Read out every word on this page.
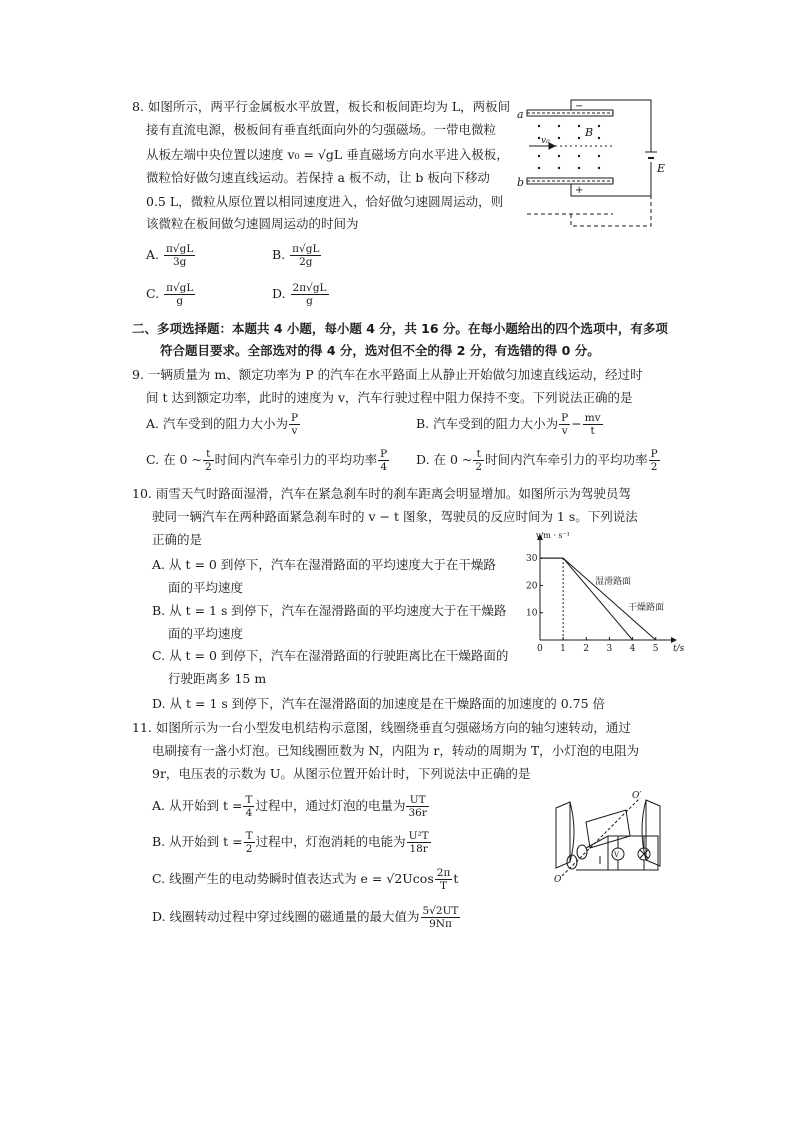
8. 如图所示，两平行金属板水平放置，板长和板间距均为 L，两板间
接有直流电源，极板间有垂直纸面向外的匀强磁场。一带电微粒
从板左端中央位置以速度 v₀ = √gL 垂直磁场方向水平进入极板，
微粒恰好做匀速直线运动。若保持 a 板不动，让 b 板向下移动
0.5 L，微粒从原位置以相同速度进入，恰好做匀速圆周运动，则
该微粒在板间做匀速圆周运动的时间为
A. $\frac{\pi√gL}{3g}$	B. $\frac{\pi√gL}{2g}$
C. $\frac{\pi√gL}{g}$	D. $\frac{2\pi√gL}{g}$
a
b
−
+
B
v₀
E
二、多项选择题：本题共 4 小题，每小题 4 分，共 16 分。在每小题给出的四个选项中，有多项
符合题目要求。全部选对的得 4 分，选对但不全的得 2 分，有选错的得 0 分。
9. 一辆质量为 m、额定功率为 P 的汽车在水平路面上从静止开始做匀加速直线运动，经过时
间 t 达到额定功率，此时的速度为 v，汽车行驶过程中阻力保持不变。下列说法正确的是
A. 汽车受到的阻力大小为 $\frac{P}{v}$	B. 汽车受到的阻力大小为 $\frac{P}{v} - \frac{mv}{t}$
C. 在 0 ~ $\frac{t}{2}$ 时间内汽车牵引力的平均功率 $\frac{P}{4} D$. 在 0 ~ $\frac{t}{2}$ 时间内汽车牵引力的平均功率 $\frac{P}{2}$
10. 雨雪天气时路面湿滑，汽车在紧急刹车时的刹车距离会明显增加。如图所示为驾驶员驾
驶同一辆汽车在两种路面紧急刹车时的 v − t 图象，驾驶员的反应时间为 1 s。下列说法
正确的是
A. 从 t = 0 到停下，汽车在湿滑路面的平均速度大于在干燥路
面的平均速度
B. 从 t = 1 s 到停下，汽车在湿滑路面的平均速度大于在干燥路
面的平均速度
C. 从 t = 0 到停下，汽车在湿滑路面的行驶距离比在干燥路面的
行驶距离多 15 m
D. 从 t = 1 s 到停下，汽车在湿滑路面的加速度是在干燥路面的加速度的 0.75 倍
0 1 2 3 4 5
10
20
30
湿滑路面
干燥路面
v/m · s⁻¹
t/s
11. 如图所示为一台小型发电机结构示意图，线圈绕垂直匀强磁场方向的轴匀速转动，通过
电刷接有一盏小灯泡。已知线圈匝数为 N，内阻为 r，转动的周期为 T，小灯泡的电阻为
9r，电压表的示数为 U。从图示位置开始计时，下列说法中正确的是
A. 从开始到 $t = \frac{T}{4}$ 过程中，通过灯泡的电量为 $\frac{UT}{36r}$
B. 从开始到 $t = \frac{T}{2}$ 过程中，灯泡消耗的电能为 $\frac{\text{U²T}}{18r}$
C. 线圈产生的电动势瞬时值表达式为 $e = √2Ucos \frac{2\pi}{T}$ t
D. 线圈转动过程中穿过线圈的磁通量的最大值为 $\frac{5√2UT}{9N\pi}$
V
O
O′
